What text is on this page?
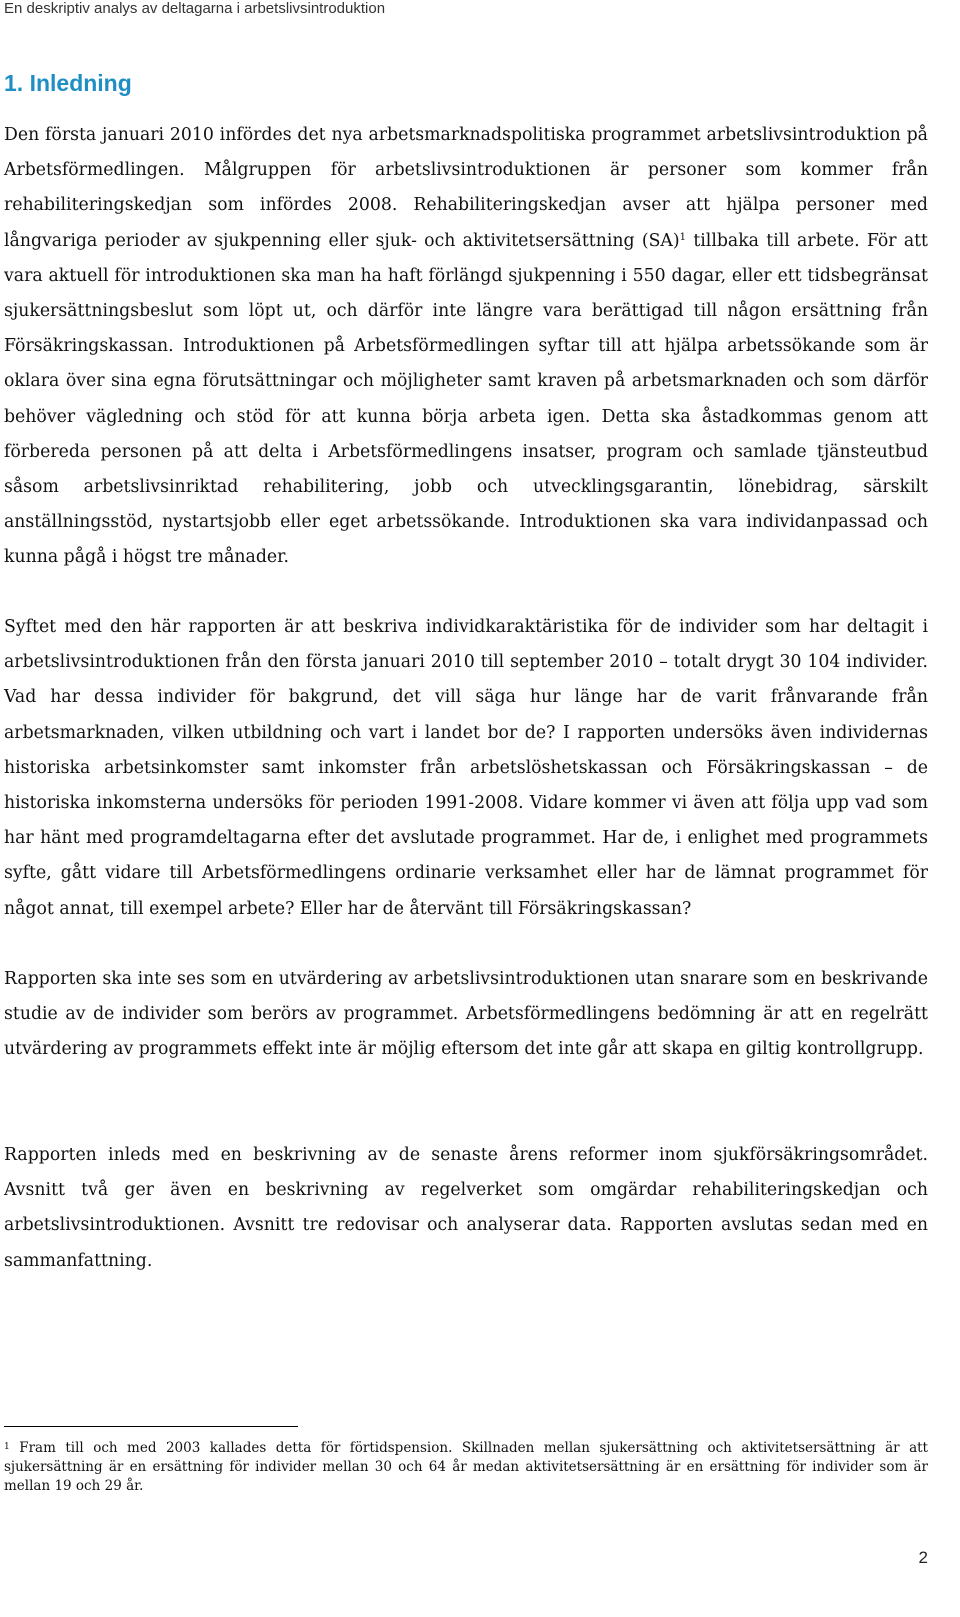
En deskriptiv analys av deltagarna i arbetslivsintroduktion
1. Inledning

Den första januari 2010 infördes det nya arbetsmarknadspolitiska programmet arbetslivsintroduktion på Arbetsförmedlingen. Målgruppen för arbetslivsintroduktionen är personer som kommer från rehabiliteringskedjan som infördes 2008. Rehabiliteringskedjan avser att hjälpa personer med långvariga perioder av sjukpenning eller sjuk- och aktivitetsersättning (SA)$^1$ tillbaka till arbete. För att vara aktuell för introduktionen ska man ha haft förlängd sjukpenning i 550 dagar, eller ett tidsbegränsat sjukersättningsbeslut som löpt ut, och därför inte längre vara berättigad till någon ersättning från Försäkringskassan. Introduktionen på Arbetsförmedlingen syftar till att hjälpa arbetssökande som är oklara över sina egna förutsättningar och möjligheter samt kraven på arbetsmarknaden och som därför behöver vägledning och stöd för att kunna börja arbeta igen. Detta ska åstadkommas genom att förbereda personen på att delta i Arbetsförmedlingens insatser, program och samlade tjänsteutbud såsom arbetslivsinriktad rehabilitering, jobb och utvecklingsgarantin, lönebidrag, särskilt anställningsstöd, nystartsjobb eller eget arbetssökande. Introduktionen ska vara individanpassad och kunna pågå i högst tre månader.

Syftet med den här rapporten är att beskriva individkaraktäristika för de individer som har deltagit i arbetslivsintroduktionen från den första januari 2010 till september 2010 – totalt drygt 30 104 individer. Vad har dessa individer för bakgrund, det vill säga hur länge har de varit frånvarande från arbetsmarknaden, vilken utbildning och vart i landet bor de? I rapporten undersöks även individernas historiska arbetsinkomster samt inkomster från arbetslöshetskassan och Försäkringskassan – de historiska inkomsterna undersöks för perioden 1991-2008. Vidare kommer vi även att följa upp vad som har hänt med programdeltagarna efter det avslutade programmet. Har de, i enlighet med programmets syfte, gått vidare till Arbetsförmedlingens ordinarie verksamhet eller har de lämnat programmet för något annat, till exempel arbete? Eller har de återvänt till Försäkringskassan?

Rapporten ska inte ses som en utvärdering av arbetslivsintroduktionen utan snarare som en beskrivande studie av de individer som berörs av programmet. Arbetsförmedlingens bedömning är att en regelrätt utvärdering av programmets effekt inte är möjlig eftersom det inte går att skapa en giltig kontrollgrupp.

Rapporten inleds med en beskrivning av de senaste årens reformer inom sjukförsäkringsområdet. Avsnitt två ger även en beskrivning av regelverket som omgärdar rehabiliteringskedjan och arbetslivsintroduktionen. Avsnitt tre redovisar och analyserar data. Rapporten avslutas sedan med en sammanfattning.

$^1$ Fram till och med 2003 kallades detta för förtidspension. Skillnaden mellan sjukersättning och aktivitetsersättning är att sjukersättning är en ersättning för individer mellan 30 och 64 år medan aktivitetsersättning är en ersättning för individer som är mellan 19 och 29 år.

2
